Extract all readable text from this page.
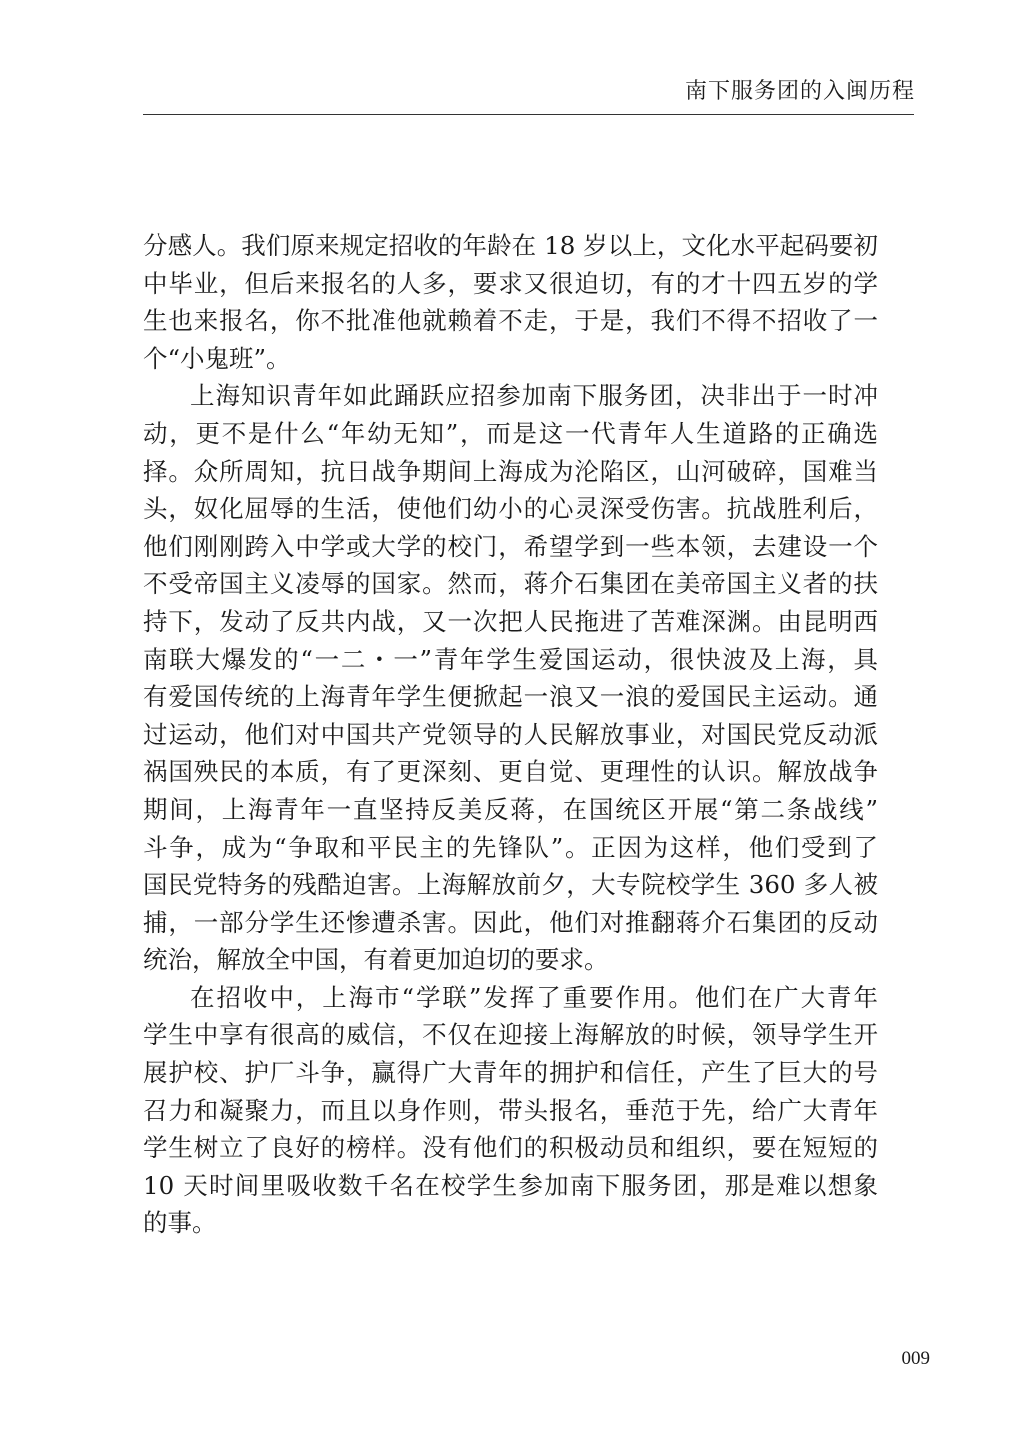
南下服务团的入闽历程
分感人。我们原来规定招收的年龄在 18 岁以上，文化水平起码要初
中毕业，但后来报名的人多，要求又很迫切，有的才十四五岁的学
生也来报名，你不批准他就赖着不走，于是，我们不得不招收了一
个“小鬼班”。
上海知识青年如此踊跃应招参加南下服务团，决非出于一时冲
动，更不是什么“年幼无知”，而是这一代青年人生道路的正确选
择。众所周知，抗日战争期间上海成为沦陷区，山河破碎，国难当
头，奴化屈辱的生活，使他们幼小的心灵深受伤害。抗战胜利后，
他们刚刚跨入中学或大学的校门，希望学到一些本领，去建设一个
不受帝国主义凌辱的国家。然而，蒋介石集团在美帝国主义者的扶
持下，发动了反共内战，又一次把人民拖进了苦难深渊。由昆明西
南联大爆发的“一二・一”青年学生爱国运动，很快波及上海，具
有爱国传统的上海青年学生便掀起一浪又一浪的爱国民主运动。通
过运动，他们对中国共产党领导的人民解放事业，对国民党反动派
祸国殃民的本质，有了更深刻、更自觉、更理性的认识。解放战争
期间，上海青年一直坚持反美反蒋，在国统区开展“第二条战线”
斗争，成为“争取和平民主的先锋队”。正因为这样，他们受到了
国民党特务的残酷迫害。上海解放前夕，大专院校学生 360 多人被
捕，一部分学生还惨遭杀害。因此，他们对推翻蒋介石集团的反动
统治，解放全中国，有着更加迫切的要求。
在招收中，上海市“学联”发挥了重要作用。他们在广大青年
学生中享有很高的威信，不仅在迎接上海解放的时候，领导学生开
展护校、护厂斗争，赢得广大青年的拥护和信任，产生了巨大的号
召力和凝聚力，而且以身作则，带头报名，垂范于先，给广大青年
学生树立了良好的榜样。没有他们的积极动员和组织，要在短短的
10 天时间里吸收数千名在校学生参加南下服务团，那是难以想象
的事。
009
